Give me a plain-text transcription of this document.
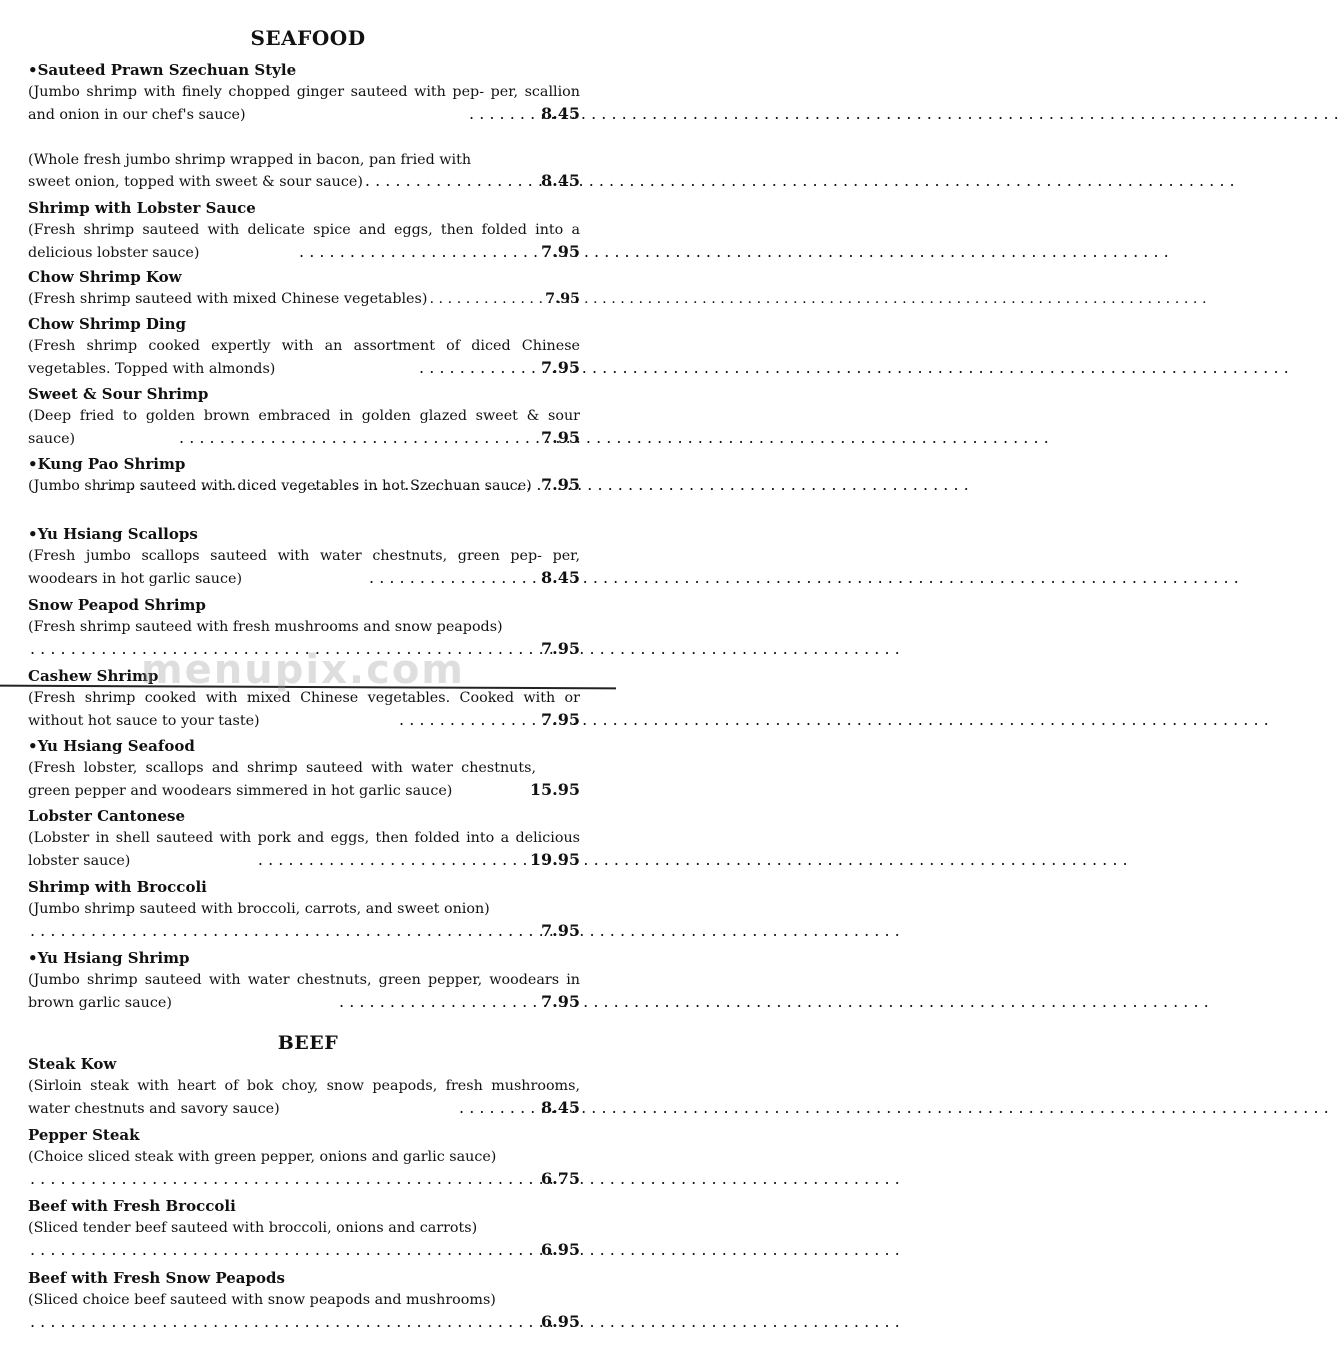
SEAFOOD
•Sauteed Prawn Szechuan Style
(Jumbo shrimp with finely chopped ginger sauteed with pep- per, scallion and onion in our chef's sauce) . . .	8.45
(Whole fresh jumbo shrimp wrapped in bacon, pan fried with
sweet onion, topped with sweet & sour sauce) . . .	8.45
Shrimp with Lobster Sauce
(Fresh shrimp sauteed with delicate spice and eggs, then folded into a delicious lobster sauce) . . .	7.95
Chow Shrimp Kow
(Fresh shrimp sauteed with mixed Chinese vegetables) . . .	7.95
Chow Shrimp Ding
(Fresh shrimp cooked expertly with an assortment of diced Chinese vegetables. Topped with almonds) . . .	7.95
Sweet & Sour Shrimp
(Deep fried to golden brown embraced in golden glazed sweet & sour sauce) . . .	7.95
•Kung Pao Shrimp
(Jumbo shrimp sauteed with diced vegetables in hot Szechuan sauce) . . . 7.95
•Yu Hsiang Scallops
(Fresh jumbo scallops sauteed with water chestnuts, green pep- per, woodears in hot garlic sauce) . . .	8.45
Snow Peapod Shrimp
(Fresh shrimp sauteed with fresh mushrooms and snow peapods)
. . .
7.95
Cashew Shrimp
(Fresh shrimp cooked with mixed Chinese vegetables. Cooked with or without hot sauce to your taste) . . .	7.95
•Yu Hsiang Seafood
(Fresh lobster, scallops and shrimp sauteed with water chestnuts, green pepper and woodears simmered in hot garlic sauce)	15.95
Lobster Cantonese
(Lobster in shell sauteed with pork and eggs, then folded into a delicious lobster sauce) . . .	19.95
Shrimp with Broccoli
(Jumbo shrimp sauteed with broccoli, carrots, and sweet onion)
. . .
7.95
•Yu Hsiang Shrimp
(Jumbo shrimp sauteed with water chestnuts, green pepper, woodears in brown garlic sauce) . . .	7.95
BEEF
Steak Kow
(Sirloin steak with heart of bok choy, snow peapods, fresh mushrooms, water chestnuts and savory sauce) . . .	8.45
Pepper Steak
(Choice sliced steak with green pepper, onions and garlic sauce)
. . .
6.75
Beef with Fresh Broccoli
(Sliced tender beef sauteed with broccoli, onions and carrots)
. . .
6.95
Beef with Fresh Snow Peapods
(Sliced choice beef sauteed with snow peapods and mushrooms)
. . .
6.95
menupix.com
